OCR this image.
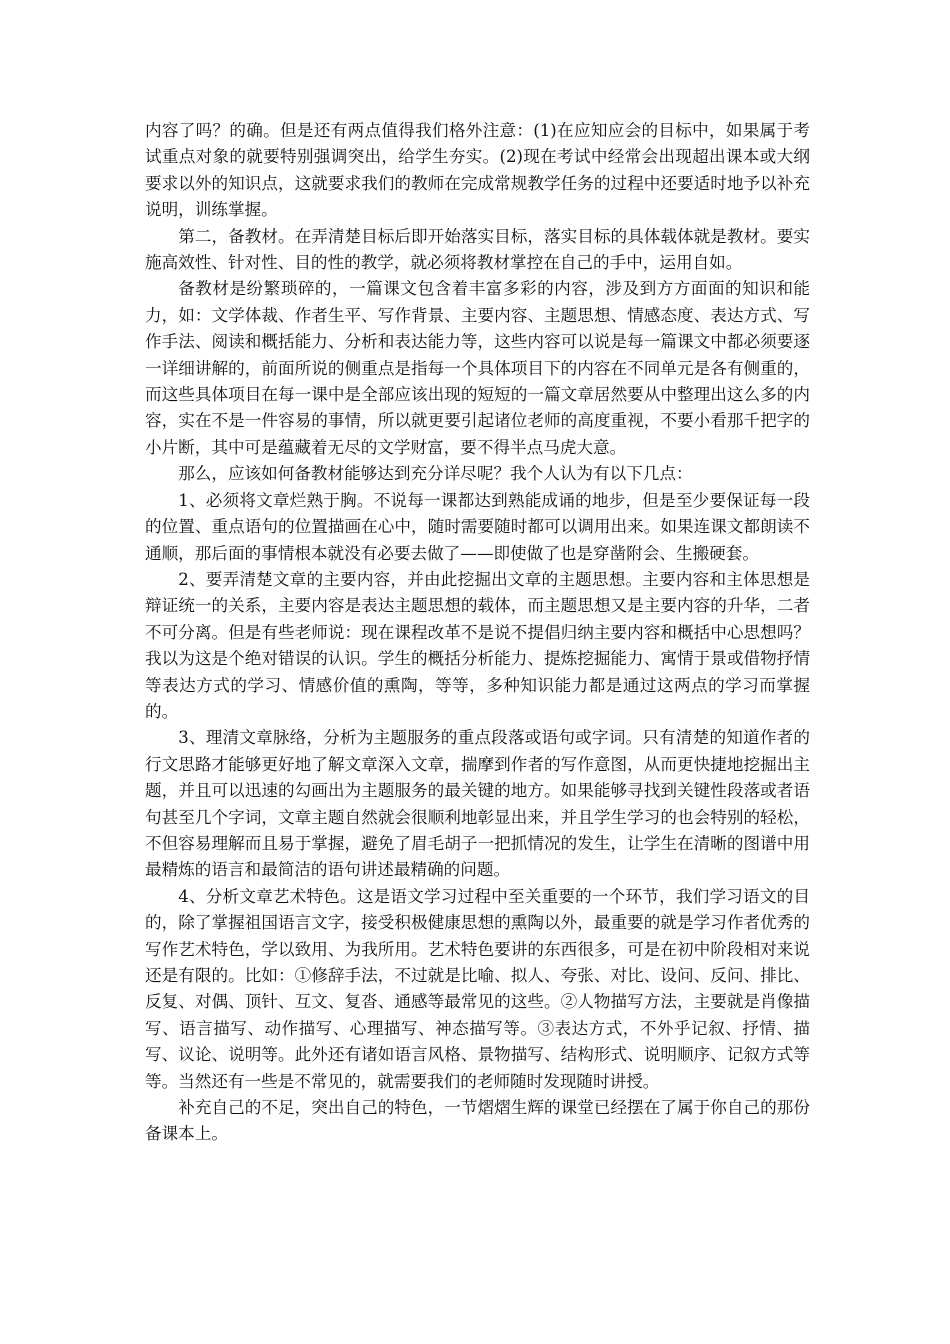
内容了吗？的确。但是还有两点值得我们格外注意：(1)在应知应会的目标中，如果属于考试重点对象的就要特别强调突出，给学生夯实。(2)现在考试中经常会出现超出课本或大纲要求以外的知识点，这就要求我们的教师在完成常规教学任务的过程中还要适时地予以补充说明，训练掌握。

第二，备教材。在弄清楚目标后即开始落实目标，落实目标的具体载体就是教材。要实施高效性、针对性、目的性的教学，就必须将教材掌控在自己的手中，运用自如。

备教材是纷繁琐碎的，一篇课文包含着丰富多彩的内容，涉及到方方面面的知识和能力，如：文学体裁、作者生平、写作背景、主要内容、主题思想、情感态度、表达方式、写作手法、阅读和概括能力、分析和表达能力等，这些内容可以说是每一篇课文中都必须要逐一详细讲解的，前面所说的侧重点是指每一个具体项目下的内容在不同单元是各有侧重的，而这些具体项目在每一课中是全部应该出现的短短的一篇文章居然要从中整理出这么多的内容，实在不是一件容易的事情，所以就更要引起诸位老师的高度重视，不要小看那千把字的小片断，其中可是蕴藏着无尽的文学财富，要不得半点马虎大意。

那么，应该如何备教材能够达到充分详尽呢？我个人认为有以下几点：

1、必须将文章烂熟于胸。不说每一课都达到熟能成诵的地步，但是至少要保证每一段的位置、重点语句的位置描画在心中，随时需要随时都可以调用出来。如果连课文都朗读不通顺，那后面的事情根本就没有必要去做了——即使做了也是穿凿附会、生搬硬套。

2、要弄清楚文章的主要内容，并由此挖掘出文章的主题思想。主要内容和主体思想是辩证统一的关系，主要内容是表达主题思想的载体，而主题思想又是主要内容的升华，二者不可分离。但是有些老师说：现在课程改革不是说不提倡归纳主要内容和概括中心思想吗？我以为这是个绝对错误的认识。学生的概括分析能力、提炼挖掘能力、寓情于景或借物抒情等表达方式的学习、情感价值的熏陶，等等，多种知识能力都是通过这两点的学习而掌握的。

3、理清文章脉络，分析为主题服务的重点段落或语句或字词。只有清楚的知道作者的行文思路才能够更好地了解文章深入文章，揣摩到作者的写作意图，从而更快捷地挖掘出主题，并且可以迅速的勾画出为主题服务的最关键的地方。如果能够寻找到关键性段落或者语句甚至几个字词，文章主题自然就会很顺利地彰显出来，并且学生学习的也会特别的轻松，不但容易理解而且易于掌握，避免了眉毛胡子一把抓情况的发生，让学生在清晰的图谱中用最精炼的语言和最简洁的语句讲述最精确的问题。

4、分析文章艺术特色。这是语文学习过程中至关重要的一个环节，我们学习语文的目的，除了掌握祖国语言文字，接受积极健康思想的熏陶以外，最重要的就是学习作者优秀的写作艺术特色，学以致用、为我所用。艺术特色要讲的东西很多，可是在初中阶段相对来说还是有限的。比如：①修辞手法，不过就是比喻、拟人、夸张、对比、设问、反问、排比、反复、对偶、顶针、互文、复沓、通感等最常见的这些。②人物描写方法，主要就是肖像描写、语言描写、动作描写、心理描写、神态描写等。③表达方式，不外乎记叙、抒情、描写、议论、说明等。此外还有诸如语言风格、景物描写、结构形式、说明顺序、记叙方式等等。当然还有一些是不常见的，就需要我们的老师随时发现随时讲授。

补充自己的不足，突出自己的特色，一节熠熠生辉的课堂已经摆在了属于你自己的那份备课本上。
